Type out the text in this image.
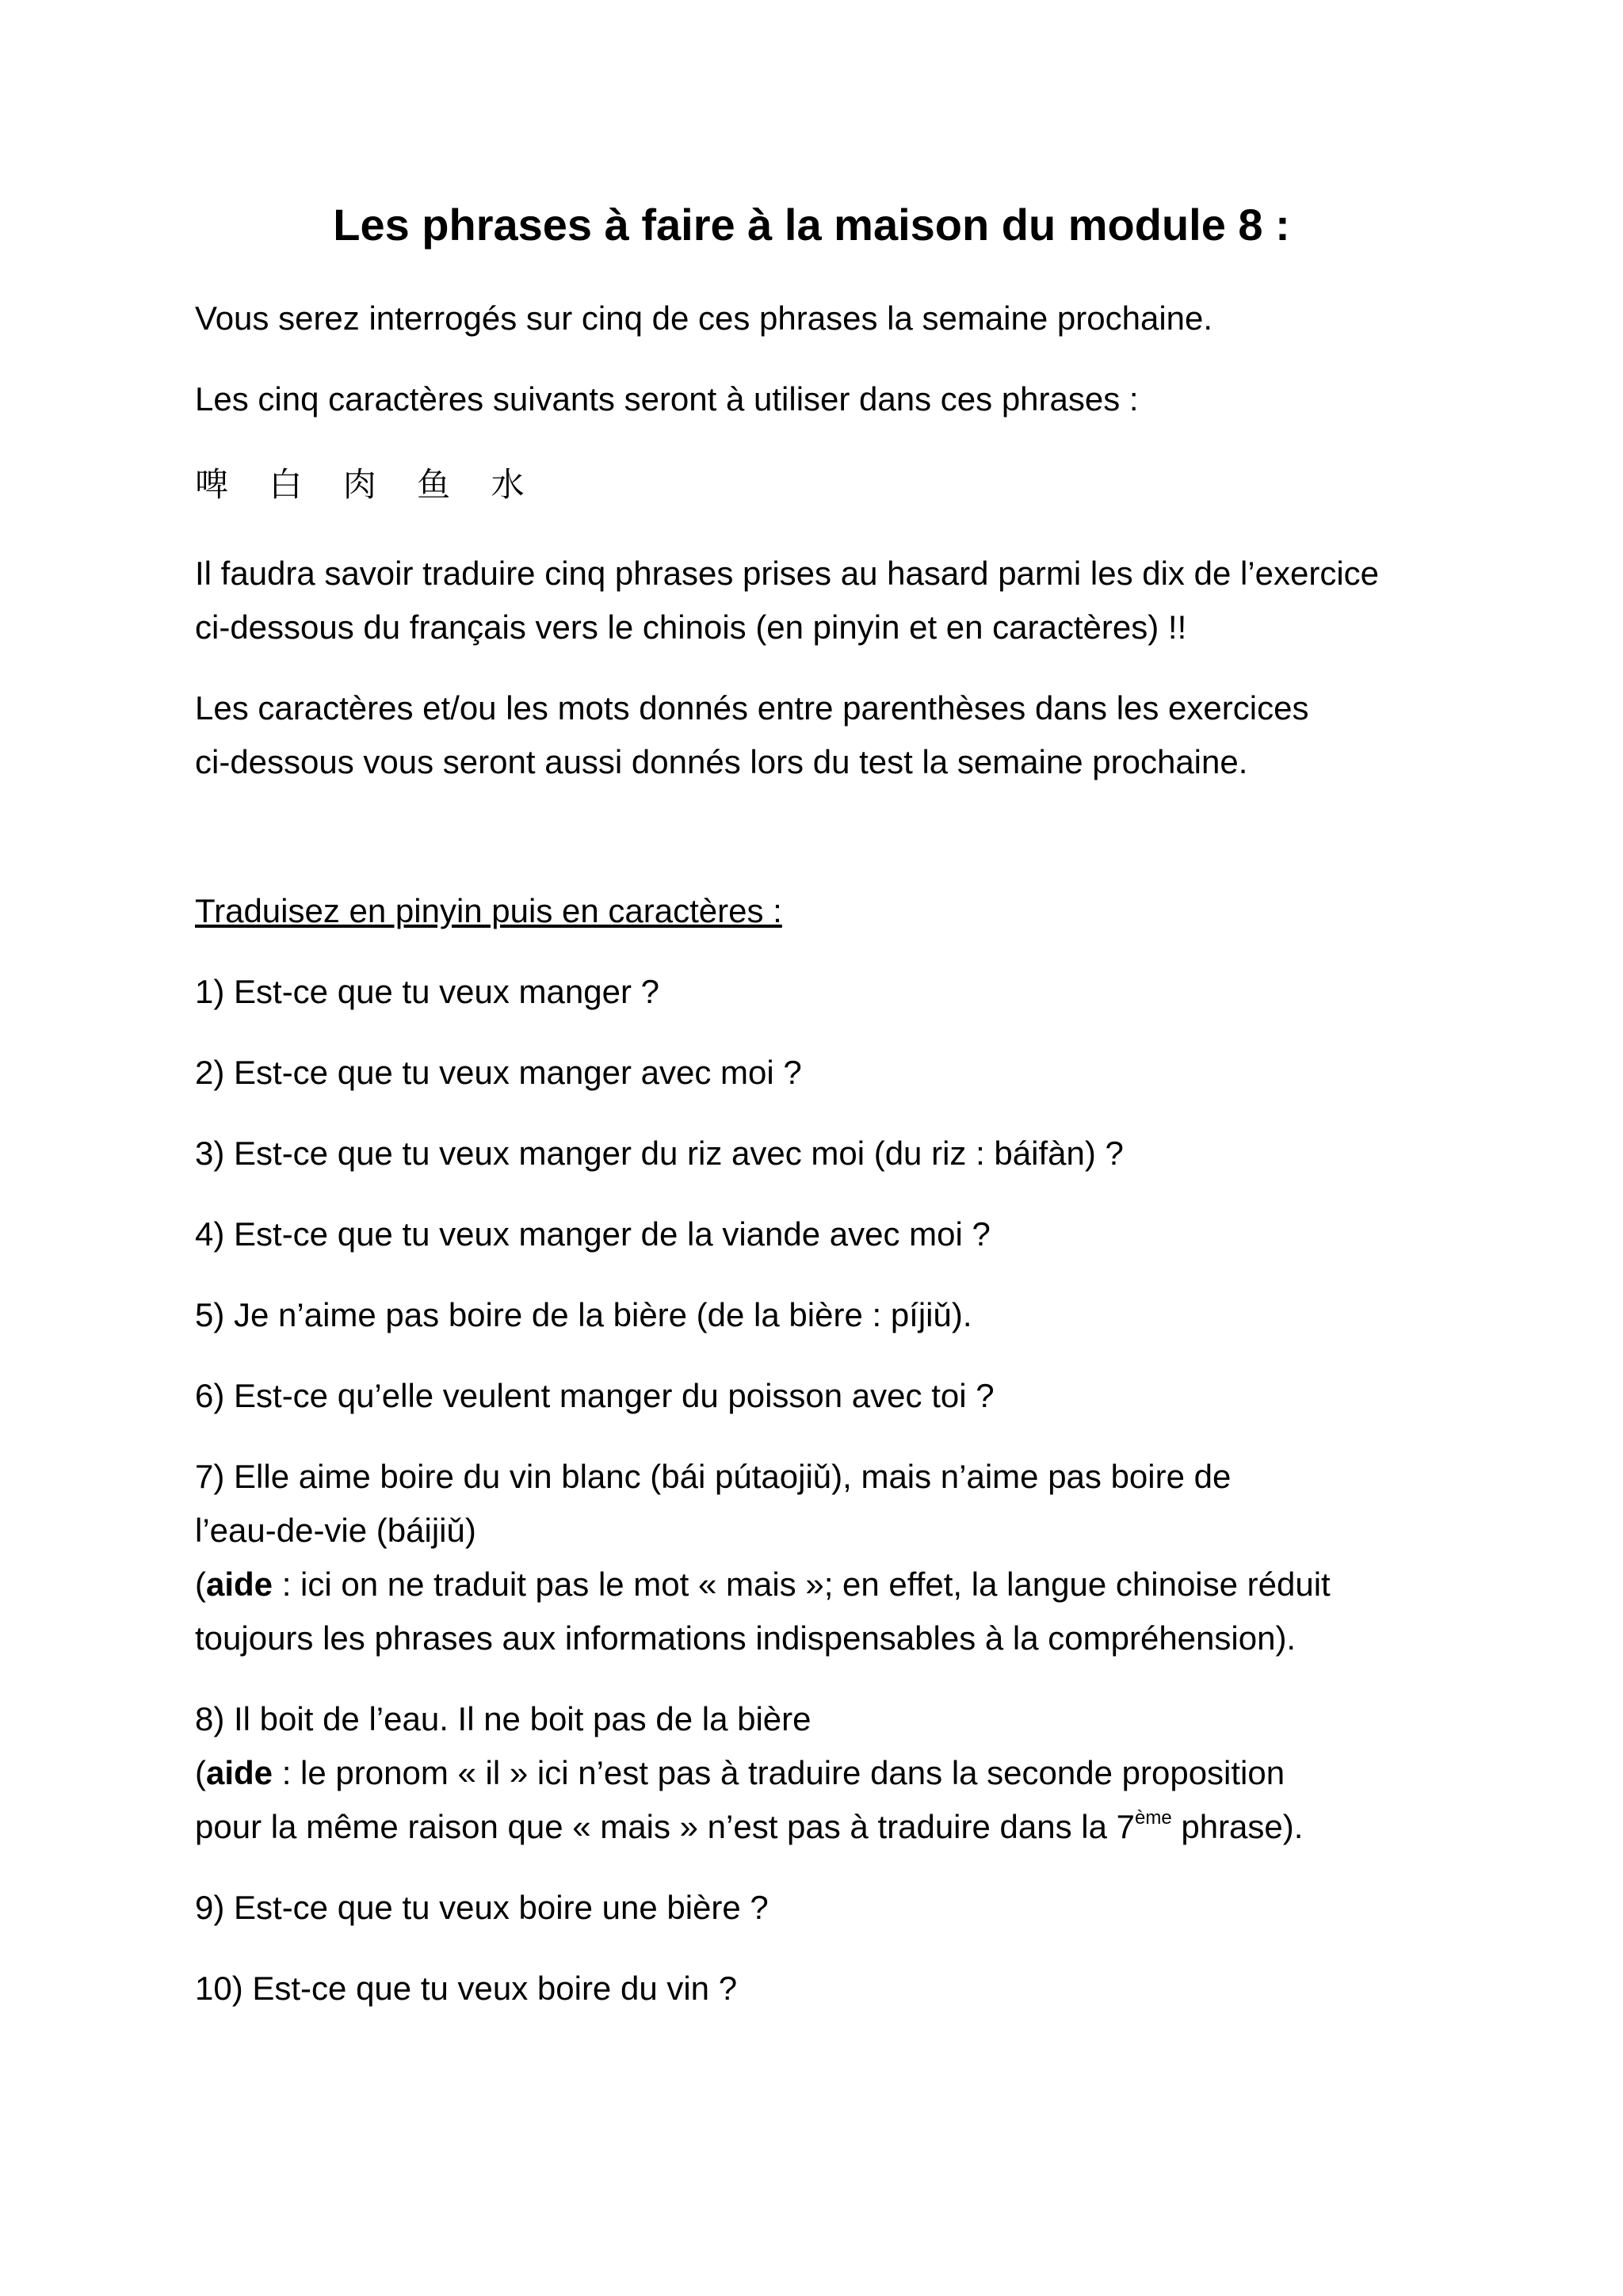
Les phrases à faire à la maison du module 8 :

Vous serez interrogés sur cinq de ces phrases la semaine prochaine.

Les cinq caractères suivants seront à utiliser dans ces phrases :

啤 白 肉 鱼 水

Il faudra savoir traduire cinq phrases prises au hasard parmi les dix de l’exercice
ci-dessous du français vers le chinois (en pinyin et en caractères) !!

Les caractères et/ou les mots donnés entre parenthèses dans les exercices
ci-dessous vous seront aussi donnés lors du test la semaine prochaine.

Traduisez en pinyin puis en caractères :

1) Est-ce que tu veux manger ?

2) Est-ce que tu veux manger avec moi ?

3) Est-ce que tu veux manger du riz avec moi (du riz : báifàn) ?

4) Est-ce que tu veux manger de la viande avec moi ?

5) Je n’aime pas boire de la bière (de la bière : píjiǔ).

6) Est-ce qu’elle veulent manger du poisson avec toi ?

7) Elle aime boire du vin blanc (bái pútaojiǔ), mais n’aime pas boire de
l’eau-de-vie (báijiǔ)
(aide : ici on ne traduit pas le mot « mais »; en effet, la langue chinoise réduit
toujours les phrases aux informations indispensables à la compréhension).

8) Il boit de l’eau. Il ne boit pas de la bière
(aide : le pronom « il » ici n’est pas à traduire dans la seconde proposition
pour la même raison que « mais » n’est pas à traduire dans la 7ème phrase).

9) Est-ce que tu veux boire une bière ?

10) Est-ce que tu veux boire du vin ?
